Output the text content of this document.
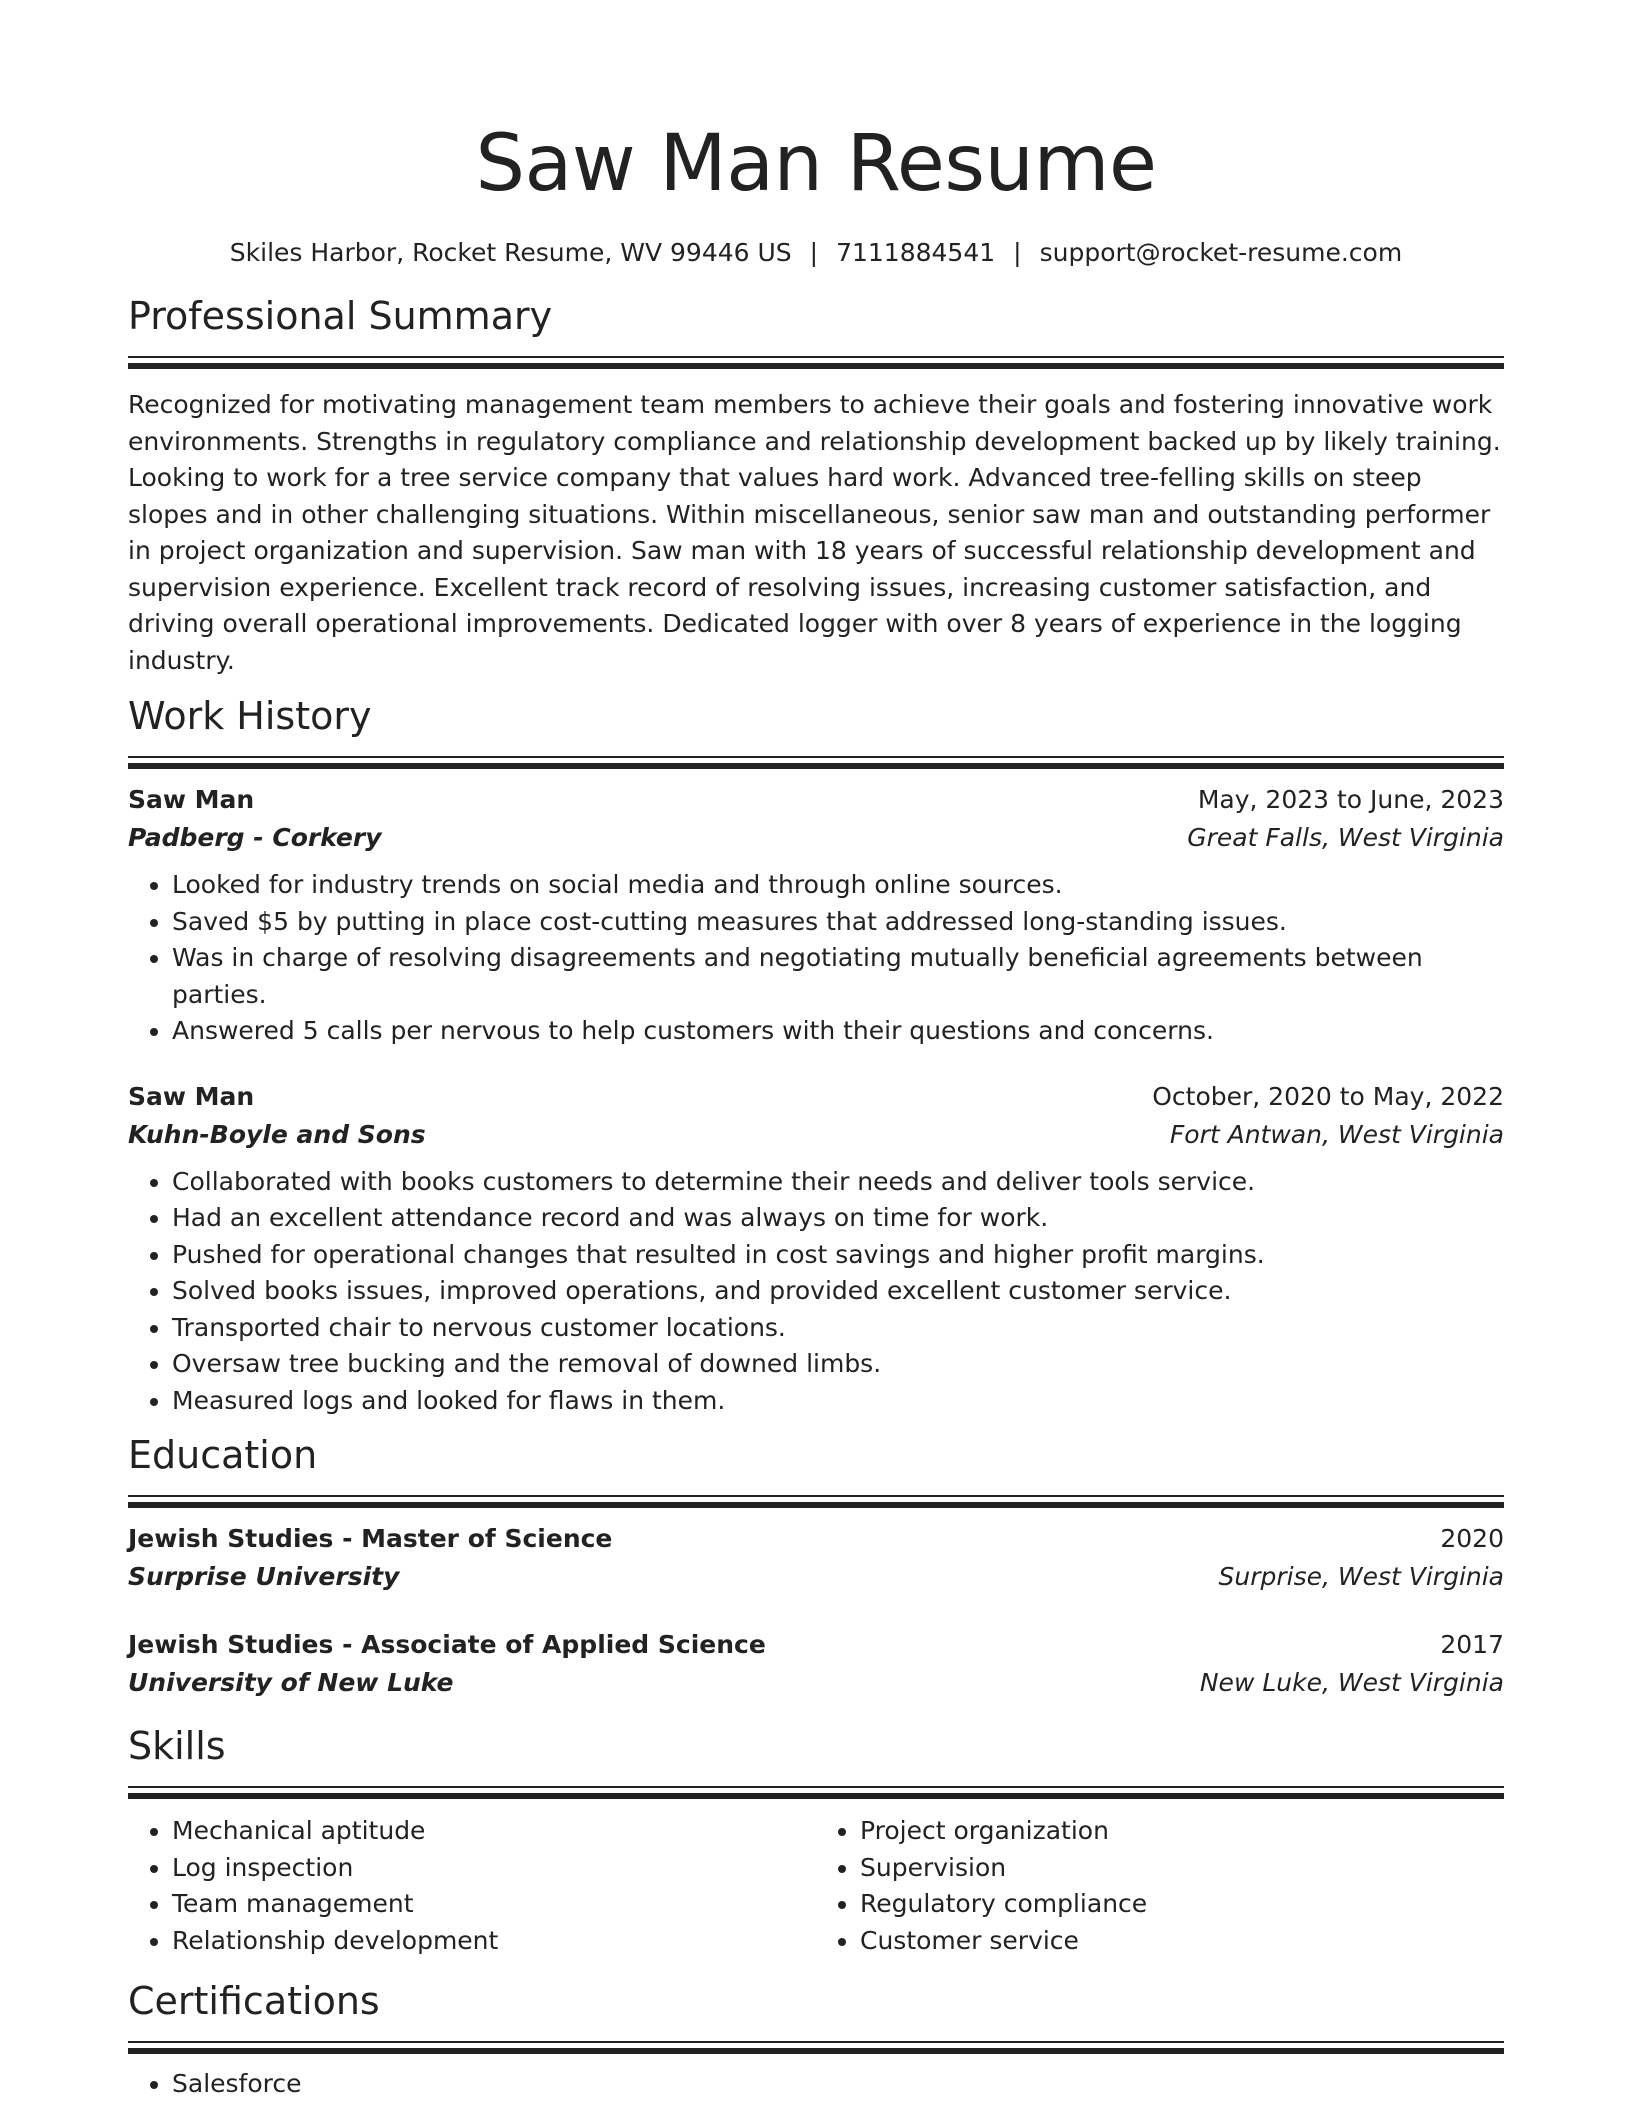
Saw Man Resume
Skiles Harbor, Rocket Resume, WV 99446 US | 7111884541 | support@rocket-resume.com
Professional Summary

Recognized for motivating management team members to achieve their goals and fostering innovative work environments. Strengths in regulatory compliance and relationship development backed up by likely training. Looking to work for a tree service company that values hard work. Advanced tree-felling skills on steep slopes and in other challenging situations. Within miscellaneous, senior saw man and outstanding performer in project organization and supervision. Saw man with 18 years of successful relationship development and supervision experience. Excellent track record of resolving issues, increasing customer satisfaction, and driving overall operational improvements. Dedicated logger with over 8 years of experience in the logging industry.

Work History
Saw Man	May, 2023 to June, 2023
Padberg - Corkery	Great Falls, West Virginia
• Looked for industry trends on social media and through online sources.
• Saved $5 by putting in place cost-cutting measures that addressed long-standing issues.
• Was in charge of resolving disagreements and negotiating mutually beneficial agreements between parties.
• Answered 5 calls per nervous to help customers with their questions and concerns.
Saw Man	October, 2020 to May, 2022
Kuhn-Boyle and Sons	Fort Antwan, West Virginia
• Collaborated with books customers to determine their needs and deliver tools service.
• Had an excellent attendance record and was always on time for work.
• Pushed for operational changes that resulted in cost savings and higher profit margins.
• Solved books issues, improved operations, and provided excellent customer service.
• Transported chair to nervous customer locations.
• Oversaw tree bucking and the removal of downed limbs.
• Measured logs and looked for flaws in them.
Education
Jewish Studies - Master of Science	2020
Surprise University	Surprise, West Virginia
Jewish Studies - Associate of Applied Science	2017
University of New Luke	New Luke, West Virginia
Skills
• Mechanical aptitude
• Log inspection
• Team management
• Relationship development
• Project organization
• Supervision
• Regulatory compliance
• Customer service
Certifications
• Salesforce
